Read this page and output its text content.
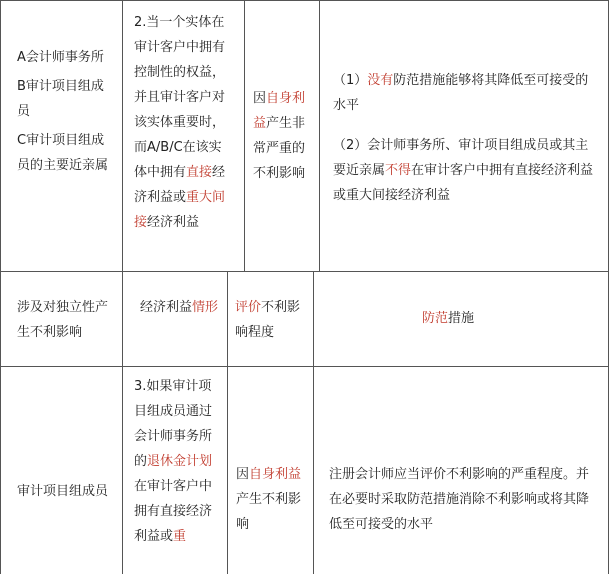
A会计师事务所

B审计项目组成员

C审计项目组成员的主要近亲属

2.当一个实体在审计客户中拥有控制性的权益，并且审计客户对该实体重要时，而A/B/C在该实体中拥有直接经济利益或重大间接经济利益

因自身利益产生非常严重的不利影响

（1）没有防范措施能够将其降低至可接受的水平

（2）会计师事务所、审计项目组成员或其主要近亲属不得在审计客户中拥有直接经济利益或重大间接经济利益

涉及对独立性产生不利影响

经济利益情形	评价不利影响程度

防范措施

审计项目组成员

3.如果审计项目组成员通过会计师事务所的退休金计划在审计客户中拥有直接经济利益或重

因自身利益产生不利影响

注册会计师应当评价不利影响的严重程度。并在必要时采取防范措施消除不利影响或将其降低至可接受的水平
